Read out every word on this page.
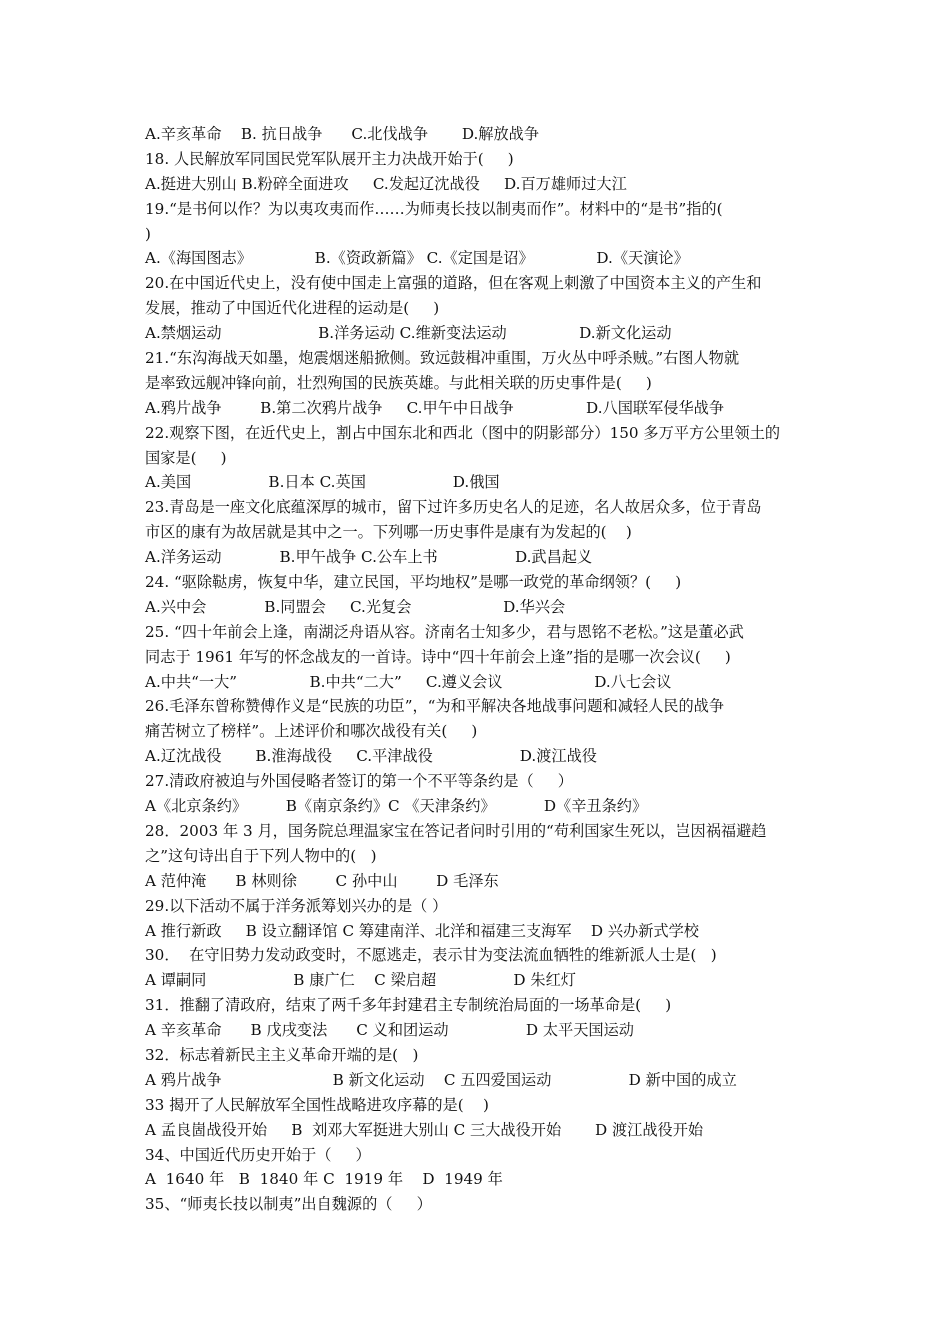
A.辛亥革命    B. 抗日战争      C.北伐战争       D.解放战争

18. 人民解放军同国民党军队展开主力决战开始于(     )

A.挺进大别山 B.粉碎全面进攻     C.发起辽沈战役     D.百万雄师过大江

19.“是书何以作？为以夷攻夷而作……为师夷长技以制夷而作”。材料中的“是书”指的(

)

A.《海国图志》             B.《资政新篇》 C.《定国是诏》             D.《天演论》

20.在中国近代史上，没有使中国走上富强的道路，但在客观上刺激了中国资本主义的产生和

发展，推动了中国近代化进程的运动是(     )

A.禁烟运动                    B.洋务运动 C.维新变法运动               D.新文化运动

21.“东沟海战天如墨，炮震烟迷船掀侧。致远鼓楫冲重围，万火丛中呼杀贼。”右图人物就

是率致远舰冲锋向前，壮烈殉国的民族英雄。与此相关联的历史事件是(     )

A.鸦片战争        B.第二次鸦片战争     C.甲午中日战争               D.八国联军侵华战争

22.观察下图，在近代史上，割占中国东北和西北（图中的阴影部分）150 多万平方公里领土的

国家是(     )

A.美国                B.日本 C.英国                  D.俄国

23.青岛是一座文化底蕴深厚的城市，留下过许多历史名人的足迹，名人故居众多，位于青岛

市区的康有为故居就是其中之一。下列哪一历史事件是康有为发起的(    )

A.洋务运动            B.甲午战争 C.公车上书                D.武昌起义

24. “驱除鞑虏，恢复中华，建立民国，平均地权”是哪一政党的革命纲领？(     )

A.兴中会            B.同盟会     C.光复会                   D.华兴会

25. “四十年前会上逢，南湖泛舟语从容。济南名士知多少，君与恩铭不老松。”这是董必武

同志于 1961 年写的怀念战友的一首诗。诗中“四十年前会上逢”指的是哪一次会议(     )

A.中共“一大”               B.中共“二大”     C.遵义会议                   D.八七会议

26.毛泽东曾称赞傅作义是“民族的功臣”，“为和平解决各地战事问题和减轻人民的战争

痛苦树立了榜样”。上述评价和哪次战役有关(     )

A.辽沈战役       B.淮海战役     C.平津战役                  D.渡江战役

27.清政府被迫与外国侵略者签订的第一个不平等条约是（     ）

A《北京条约》        B《南京条约》C 《天津条约》          D《辛丑条约》

28．2003 年 3 月，国务院总理温家宝在答记者问时引用的“苟利国家生死以，岂因祸福避趋

之”这句诗出自于下列人物中的(   )

A 范仲淹      B 林则徐        C 孙中山        D 毛泽东

29.以下活动不属于洋务派筹划兴办的是（ ）

A 推行新政     B 设立翻译馆 C 筹建南洋、北洋和福建三支海军    D 兴办新式学校

30．  在守旧势力发动政变时，不愿逃走，表示甘为变法流血牺牲的维新派人士是(   )

A 谭嗣同                  B 康广仁    C 梁启超                D 朱红灯

31．推翻了清政府，结束了两千多年封建君主专制统治局面的一场革命是(     )

A 辛亥革命      B 戊戌变法      C 义和团运动                D 太平天国运动

32．标志着新民主主义革命开端的是(   )

A 鸦片战争                       B 新文化运动    C 五四爱国运动                D 新中国的成立

33 揭开了人民解放军全国性战略进攻序幕的是(    )

A 孟良崮战役开始     B  刘邓大军挺进大别山 C 三大战役开始       D 渡江战役开始

34、中国近代历史开始于（     ）

A  1640 年   B  1840 年 C  1919 年    D  1949 年

35、“师夷长技以制夷”出自魏源的（     ）
